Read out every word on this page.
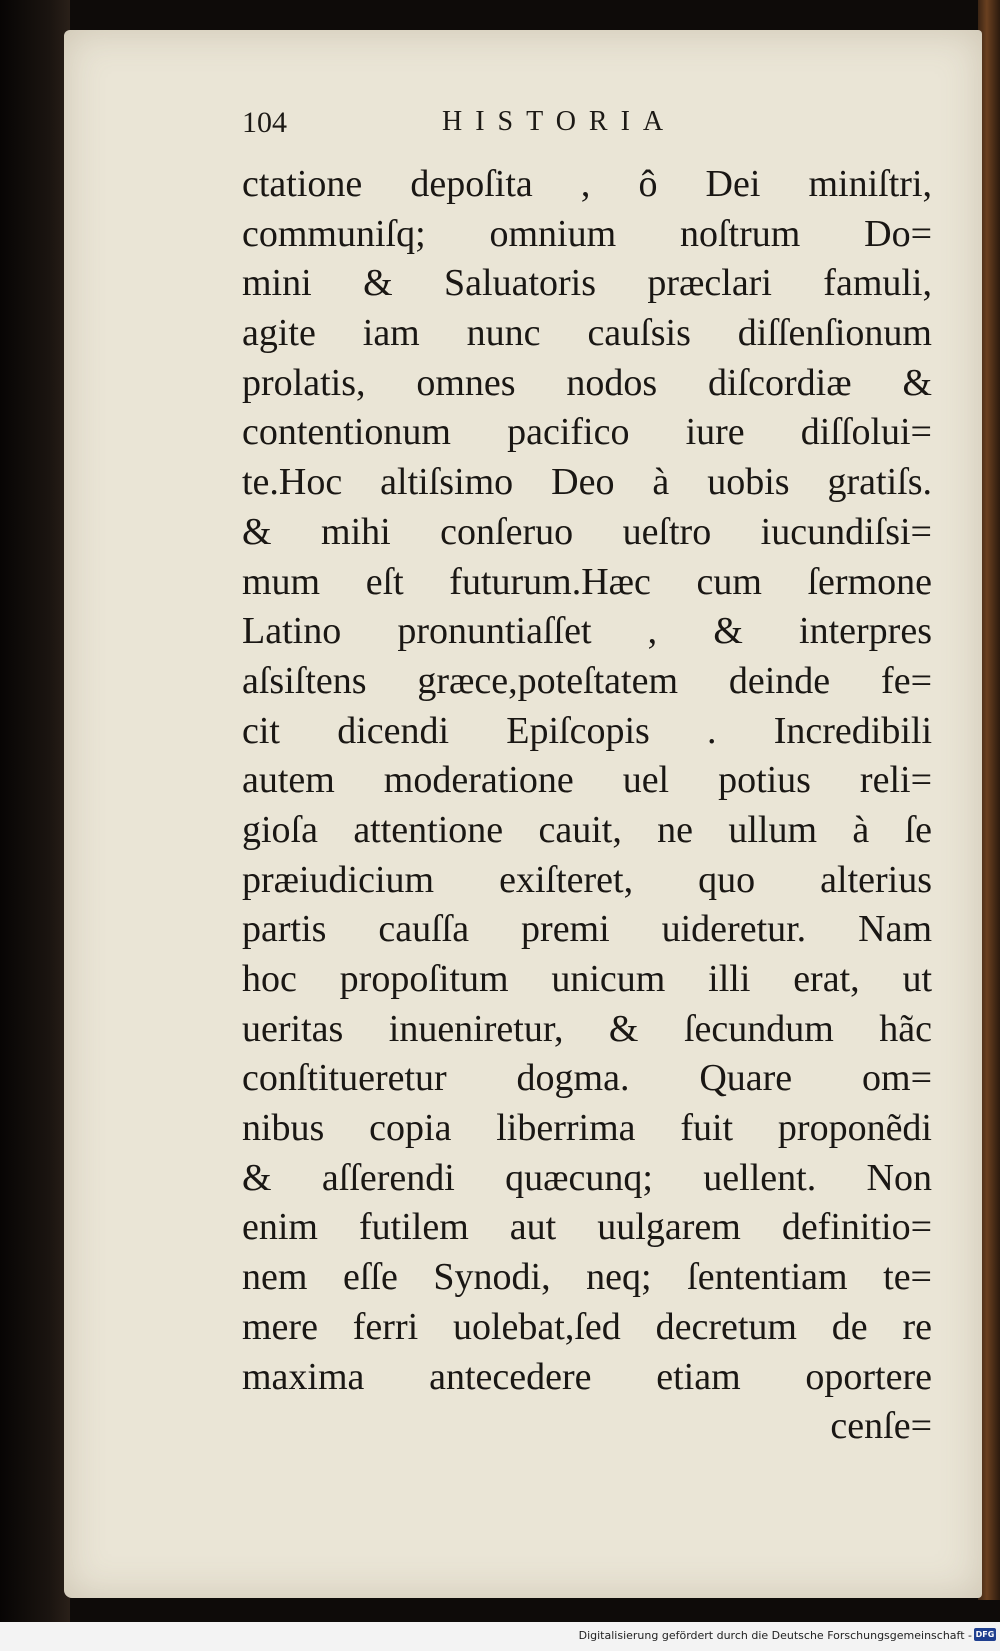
104	HISTORIA
ctatione depoſita , ô Dei miniſtri,
communiſq; omnium noſtrum Do=
mini & Saluatoris præclari famuli,
agite iam nunc cauſsis diſſenſionum
prolatis, omnes nodos diſcordiæ &
contentionum pacifico iure diſſolui=
te.Hoc altiſsimo Deo à uobis gratiſs.
& mihi conſeruo ueſtro iucundiſsi=
mum eſt futurum.Hæc cum ſermone
Latino pronuntiaſſet , & interpres
aſsiſtens græce,poteſtatem deinde fe=
cit dicendi Epiſcopis . Incredibili
autem moderatione uel potius reli=
gioſa attentione cauit, ne ullum à ſe
præiudicium exiſteret, quo alterius
partis cauſſa premi uideretur. Nam
hoc propoſitum unicum illi erat, ut
ueritas inueniretur, & ſecundum hãc
conſtitueretur dogma. Quare om=
nibus copia liberrima fuit proponẽdi
& aſſerendi quæcunq; uellent. Non
enim futilem aut uulgarem definitio=
nem eſſe Synodi, neq; ſententiam te=
mere ferri uolebat,ſed decretum de re
maxima antecedere etiam oportere
cenſe=
Digitalisierung gefördert durch die Deutsche Forschungsgemeinschaft - DFG
